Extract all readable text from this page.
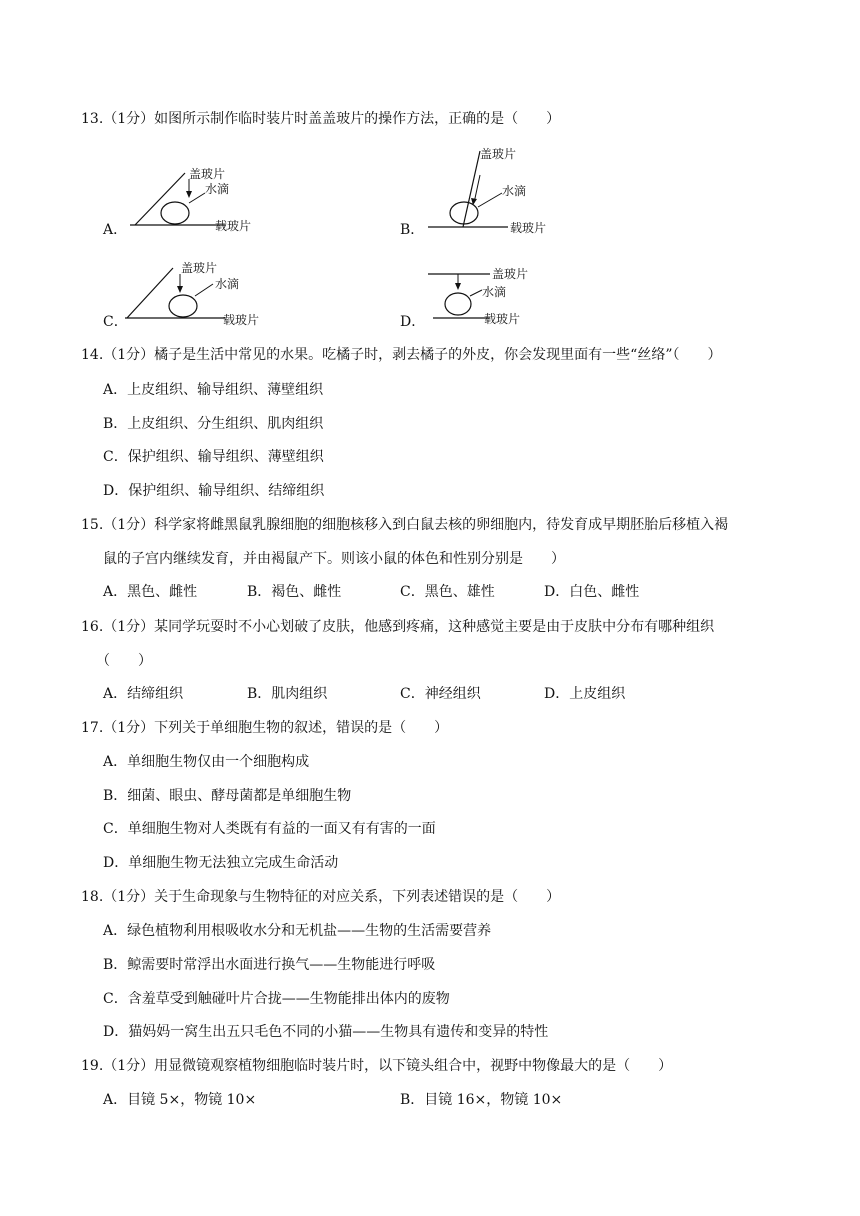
13.（1分）如图所示制作临时装片时盖盖玻片的操作方法，正确的是（　　）
A．
盖玻片
水滴
载玻片	B．
盖玻片
水滴
载玻片
C．
盖玻片
水滴
载玻片	D．
盖玻片
水滴
载玻片
14.（1分）橘子是生活中常见的水果。吃橘子时，剥去橘子的外皮，你会发现里面有一些“丝络”（　　）
A．上皮组织、输导组织、薄壁组织
B．上皮组织、分生组织、肌肉组织
C．保护组织、输导组织、薄壁组织
D．保护组织、输导组织、结缔组织
15.（1分）科学家将雌黑鼠乳腺细胞的细胞核移入到白鼠去核的卵细胞内，待发育成早期胚胎后移植入褐
鼠的子宫内继续发育，并由褐鼠产下。则该小鼠的体色和性别分别是　　）
A．黑色、雌性	B．褐色、雌性	C．黑色、雄性	D．白色、雌性
16.（1分）某同学玩耍时不小心划破了皮肤，他感到疼痛，这种感觉主要是由于皮肤中分布有哪种组织
（　　）
A．结缔组织	B．肌肉组织	C．神经组织	D．上皮组织
17.（1分）下列关于单细胞生物的叙述，错误的是（　　）
A．单细胞生物仅由一个细胞构成
B．细菌、眼虫、酵母菌都是单细胞生物
C．单细胞生物对人类既有有益的一面又有有害的一面
D．单细胞生物无法独立完成生命活动
18.（1分）关于生命现象与生物特征的对应关系，下列表述错误的是（　　）
A．绿色植物利用根吸收水分和无机盐——生物的生活需要营养
B．鲸需要时常浮出水面进行换气——生物能进行呼吸
C．含羞草受到触碰叶片合拢——生物能排出体内的废物
D．猫妈妈一窝生出五只毛色不同的小猫——生物具有遗传和变异的特性
19.（1分）用显微镜观察植物细胞临时装片时，以下镜头组合中，视野中物像最大的是（　　）
A．目镜 5×，物镜 10×	B．目镜 16×，物镜 10×
